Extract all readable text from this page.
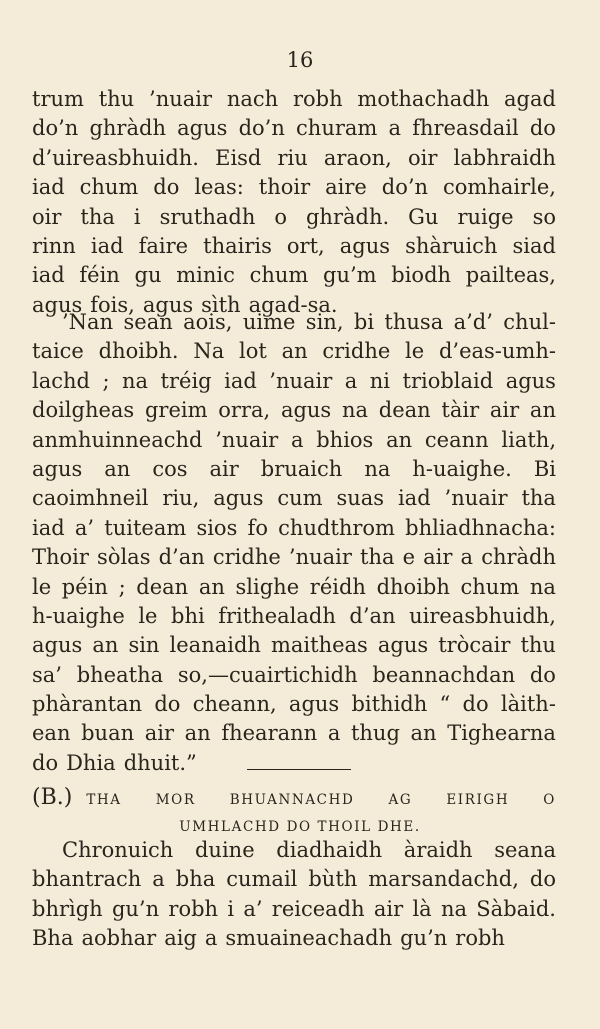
16
trum thu ’nuair nach robh mothachadh agad
do’n ghràdh agus do’n churam a fhreasdail do
d’uireasbhuidh. Eisd riu araon, oir labhraidh
iad chum do leas: thoir aire do’n comhairle,
oir tha i sruthadh o ghràdh. Gu ruige so
rinn iad faire thairis ort, agus shàruich siad
iad féin gu minic chum gu’m biodh pailteas,
agus fois, agus sìth agad-sa.
’Nan sean aois, uime sin, bi thusa a’d’ chul-
taice dhoibh. Na lot an cridhe le d’eas-umh-
lachd ; na tréig iad ’nuair a ni trioblaid agus
doilgheas greim orra, agus na dean tàir air an
anmhuinneachd ’nuair a bhios an ceann liath,
agus an cos air bruaich na h-uaighe. Bi
caoimhneil riu, agus cum suas iad ’nuair tha
iad a’ tuiteam sios fo chudthrom bhliadhnacha:
Thoir sòlas d’an cridhe ’nuair tha e air a chràdh
le péin ; dean an slighe réidh dhoibh chum na
h-uaighe le bhi frithealadh d’an uireasbhuidh,
agus an sin leanaidh maitheas agus tròcair thu
sa’ bheatha so,—cuairtichidh beannachdan do
phàrantan do cheann, agus bithidh “ do làith-
ean buan air an fhearann a thug an Tighearna
do Dhia dhuit.”
(B.) THA	MOR	BHUANNACHD	AG	EIRIGH	O
UMHLACHD DO THOIL DHE.
Chronuich duine diadhaidh àraidh seana
bhantrach a bha cumail bùth marsandachd, do
bhrìgh gu’n robh i a’ reiceadh air là na Sàbaid.
Bha aobhar aig a smuaineachadh gu’n robh
